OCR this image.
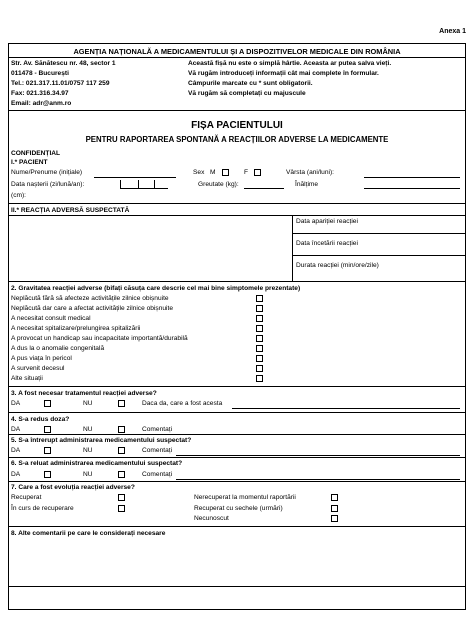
Anexa 1
AGENȚIA NAȚIONALĂ A MEDICAMENTULUI ȘI A DISPOZITIVELOR MEDICALE DIN ROMÂNIA
Str. Av. Sănătescu nr. 48, sector 1
011478 - București
Tel.: 021.317.11.01/0757 117 259
Fax: 021.316.34.97
Email: adr@anm.ro
Această fișă nu este o simplă hârtie. Aceasta ar putea salva vieți.
Vă rugăm introduceți informații cât mai complete în formular.
Câmpurile marcate cu * sunt obligatorii.
Vă rugăm să completați cu majuscule
FIȘA PACIENTULUI
PENTRU RAPORTAREA SPONTANĂ A REACȚIILOR ADVERSE LA MEDICAMENTE
CONFIDENȚIAL
I.* PACIENT
Nume/Prenume (inițiale)	Sex M	F	Vârsta (ani/luni):
Data nașterii (zi/lună/an):	Greutate (kg):	Înălțime
(cm):
II.* REACȚIA ADVERSĂ SUSPECTATĂ
Data apariției reacției
Data încetării reacției
Durata reacției (min/ore/zile)
2. Gravitatea reacției adverse (bifați căsuța care descrie cel mai bine simptomele prezentate)
Neplăcută fără să afecteze activitățile zilnice obișnuite
Neplăcută dar care a afectat activitățile zilnice obișnuite
A necesitat consult medical
A necesitat spitalizare/prelungirea spitalizării
A provocat un handicap sau incapacitate importantă/durabilă
A dus la o anomalie congenitală
A pus viața în pericol
A survenit decesul
Alte situații
3. A fost necesar tratamentul reacției adverse?
DA	NU	Daca da, care a fost acesta
4. S-a redus doza?
DA	NU	Comentați
5. S-a întrerupt administrarea medicamentului suspectat?
DA	NU	Comentați
6. S-a reluat administrarea medicamentului suspectat?
DA	NU	Comentați
7. Care a fost evoluția reacției adverse?
Recuperat
În curs de recuperare
Nerecuperat la momentul raportării
Recuperat cu sechele (urmări)
Necunoscut
8. Alte comentarii pe care le considerați necesare
